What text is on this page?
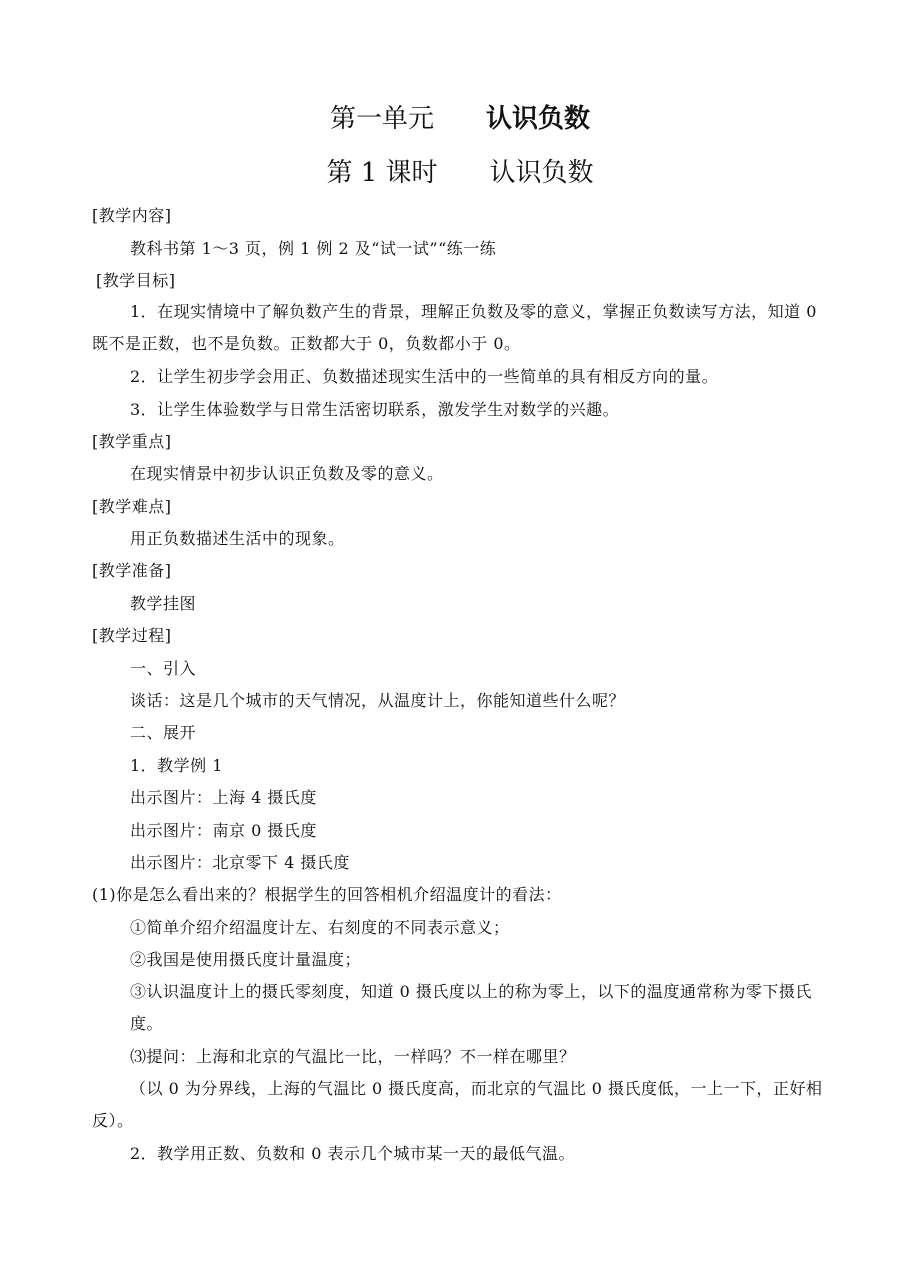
第一单元 认识负数
第 1 课时 认识负数
[教学内容]
教科书第 1～3 页，例 1 例 2 及“试一试”“练一练
[教学目标]
1．在现实情境中了解负数产生的背景，理解正负数及零的意义，掌握正负数读写方法，知道 0 既不是正数，也不是负数。正数都大于 0，负数都小于 0。
2．让学生初步学会用正、负数描述现实生活中的一些简单的具有相反方向的量。
3．让学生体验数学与日常生活密切联系，激发学生对数学的兴趣。
[教学重点]
在现实情景中初步认识正负数及零的意义。
[教学难点]
用正负数描述生活中的现象。
[教学准备]
教学挂图
[教学过程]
一、引入
谈话：这是几个城市的天气情况，从温度计上，你能知道些什么呢？
二、展开
1．教学例 1
出示图片：上海 4 摄氏度
出示图片：南京 0 摄氏度
出示图片：北京零下 4 摄氏度
(1)你是怎么看出来的？根据学生的回答相机介绍温度计的看法：
①简单介绍介绍温度计左、右刻度的不同表示意义；
②我国是使用摄氏度计量温度；
③认识温度计上的摄氏零刻度，知道 0 摄氏度以上的称为零上，以下的温度通常称为零下摄氏度。
⑶提问：上海和北京的气温比一比，一样吗？不一样在哪里？
（以 0 为分界线，上海的气温比 0 摄氏度高，而北京的气温比 0 摄氏度低，一上一下，正好相反）。
2．教学用正数、负数和 0 表示几个城市某一天的最低气温。
